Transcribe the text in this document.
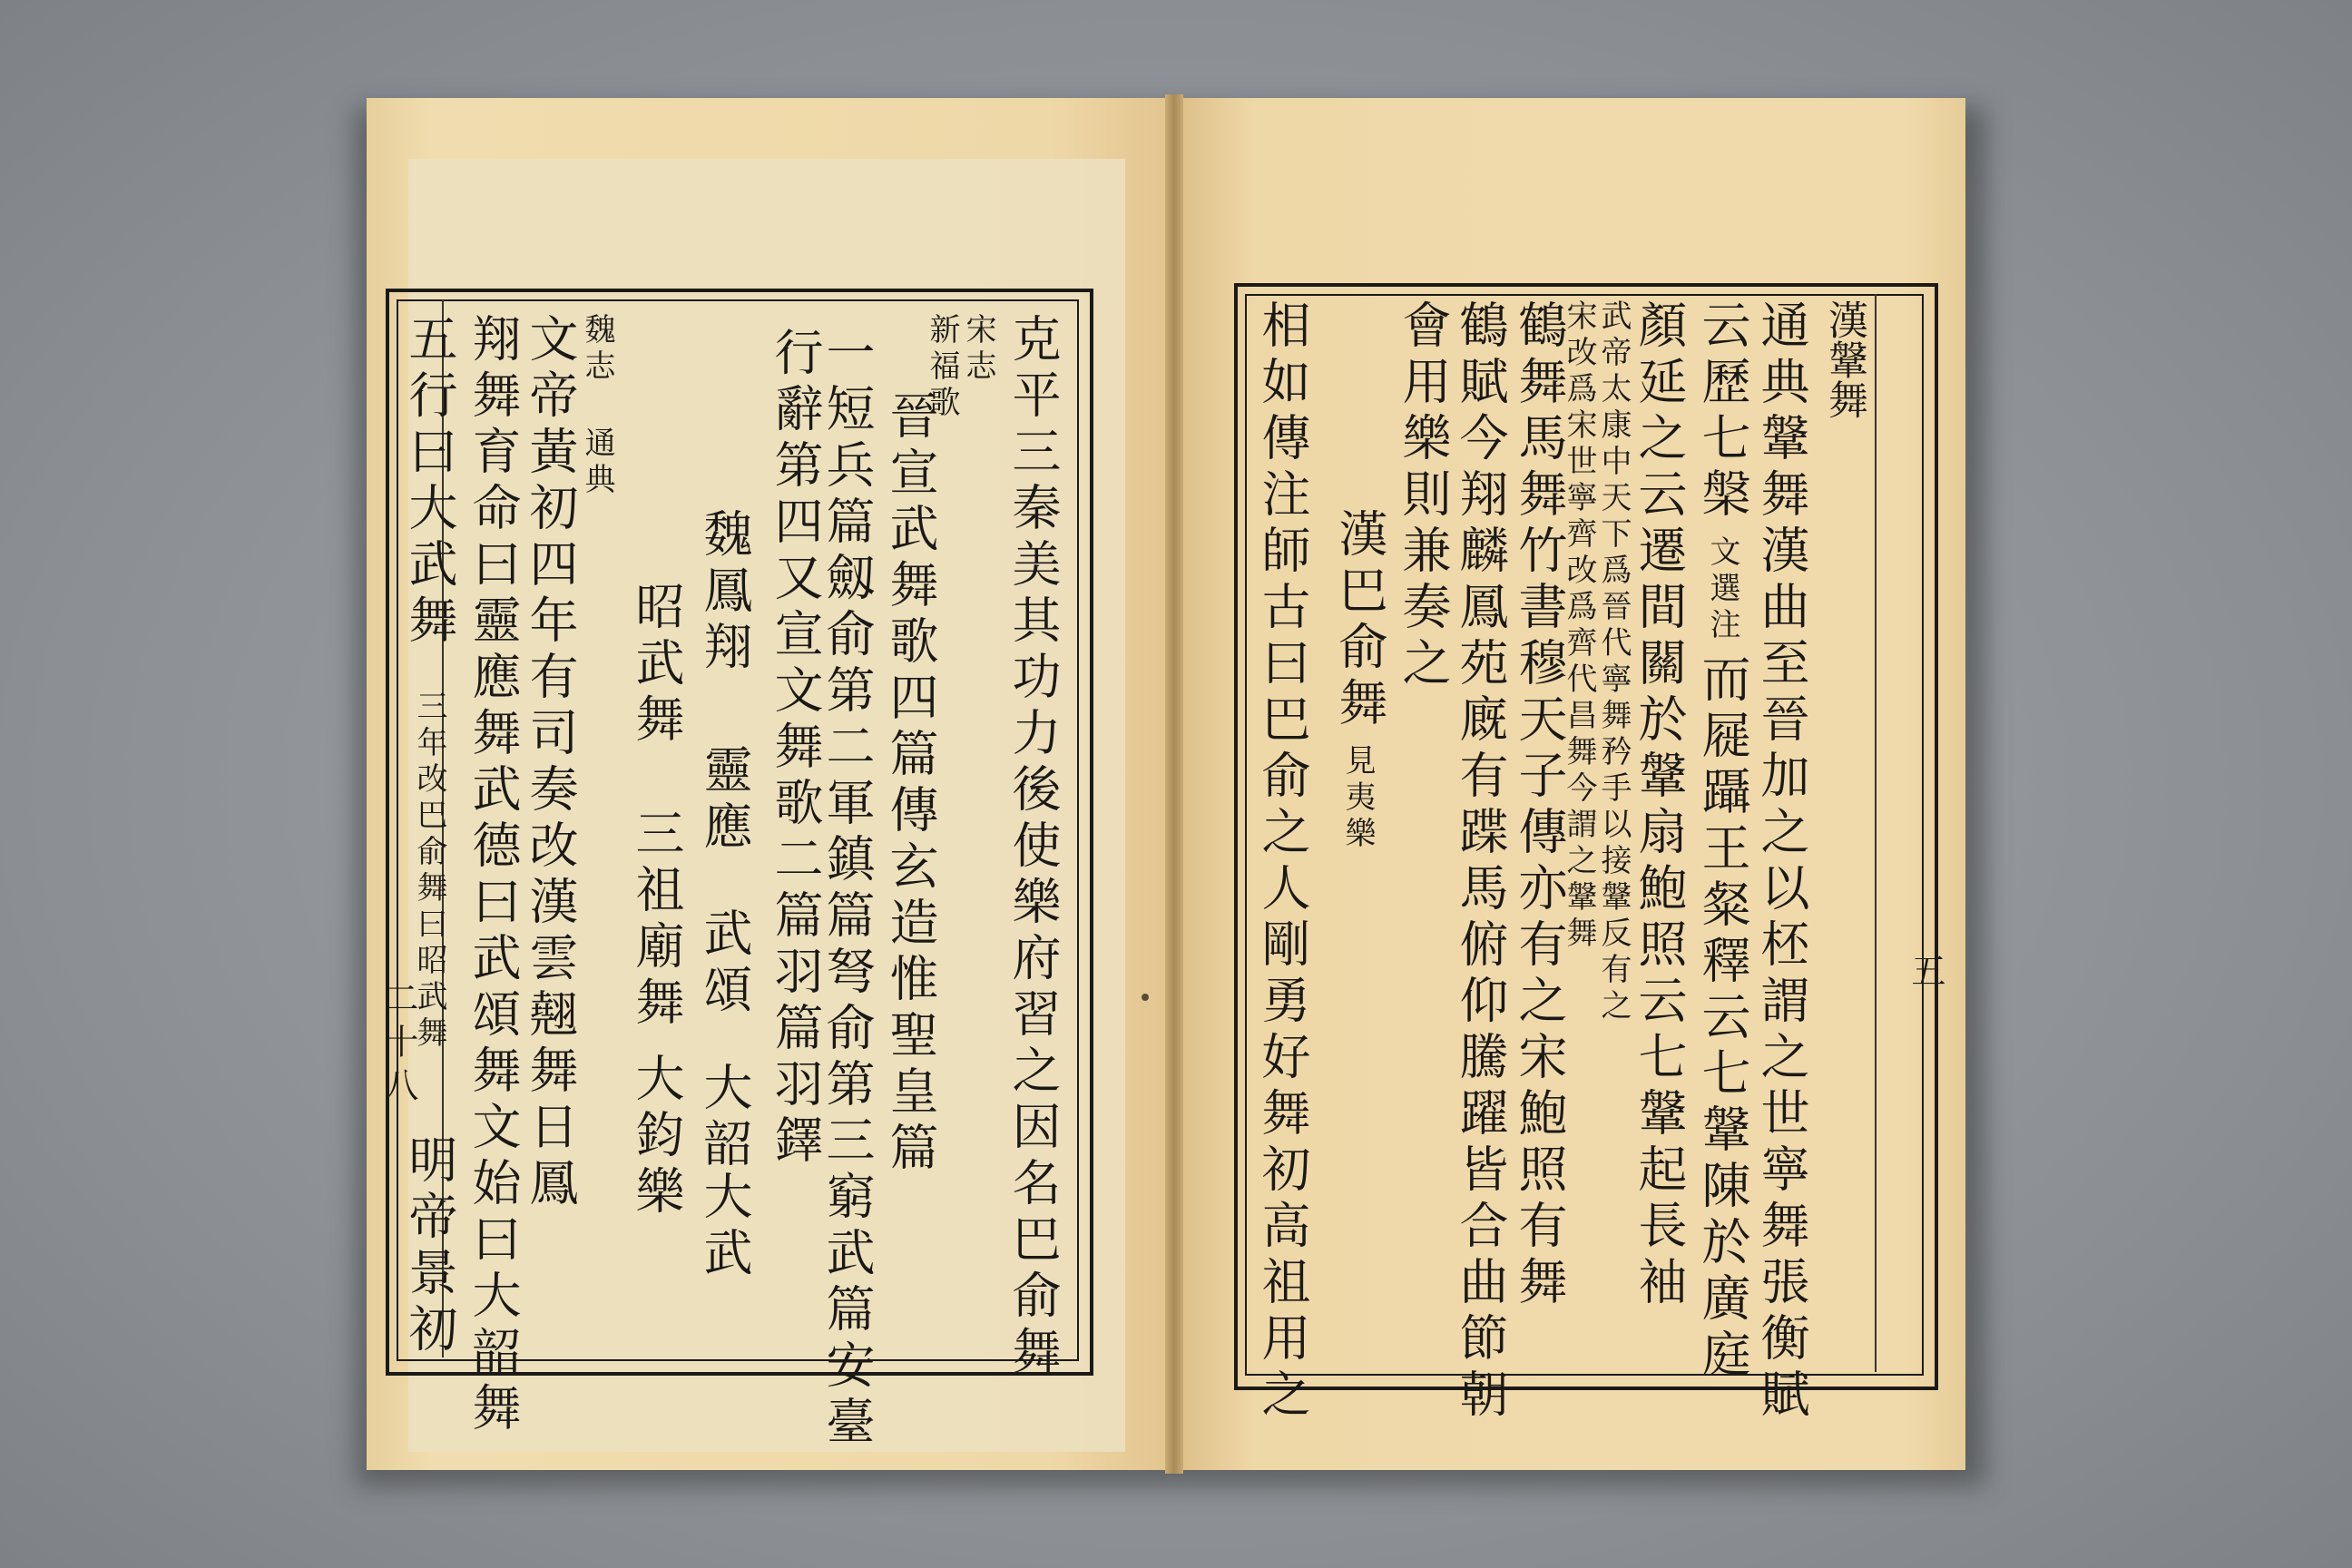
克平三秦美其功力後使樂府習之因名巴俞舞
宋志
新福歌
晉宣武舞歌四篇傳玄造惟聖皇篇
一短兵篇劔俞第二軍鎮篇弩俞第三窮武篇安臺
行辭第四又宣文舞歌二篇羽篇羽鐸
魏鳳翔
靈應
武頌
大韶
大武
昭武舞
三祖廟舞
大鈞樂
魏志
通典
文帝黃初四年有司奏改漢雲翹舞日鳳
翔舞育命曰靈應舞武德曰武頌舞文始曰大韶舞
五行曰大武舞
三年改巴俞舞曰昭武舞
明帝景初
二十八
漢鞶舞
通典鞶舞漢曲至晉加之以柸謂之世寧舞張衡賦
云歷七槃
文選注
而屣躡王粲釋云七鞶陳於廣庭
顏延之云遷間關於鞶扇鮑照云七鞶起長袖
武帝太康中天下爲晉代寧舞矜手以接鞶反有之
宋改爲宋世寧齊改爲齊代昌舞今謂之鞶舞
鶴舞馬舞竹書穆天子傳亦有之宋鮑照有舞
鶴賦今翔麟鳳苑廐有蹀馬俯仰騰躍皆合曲節朝
會用樂則兼奏之
漢巴俞舞
見夷樂
相如傳注師古曰巴俞之人剛勇好舞初高祖用之	五
